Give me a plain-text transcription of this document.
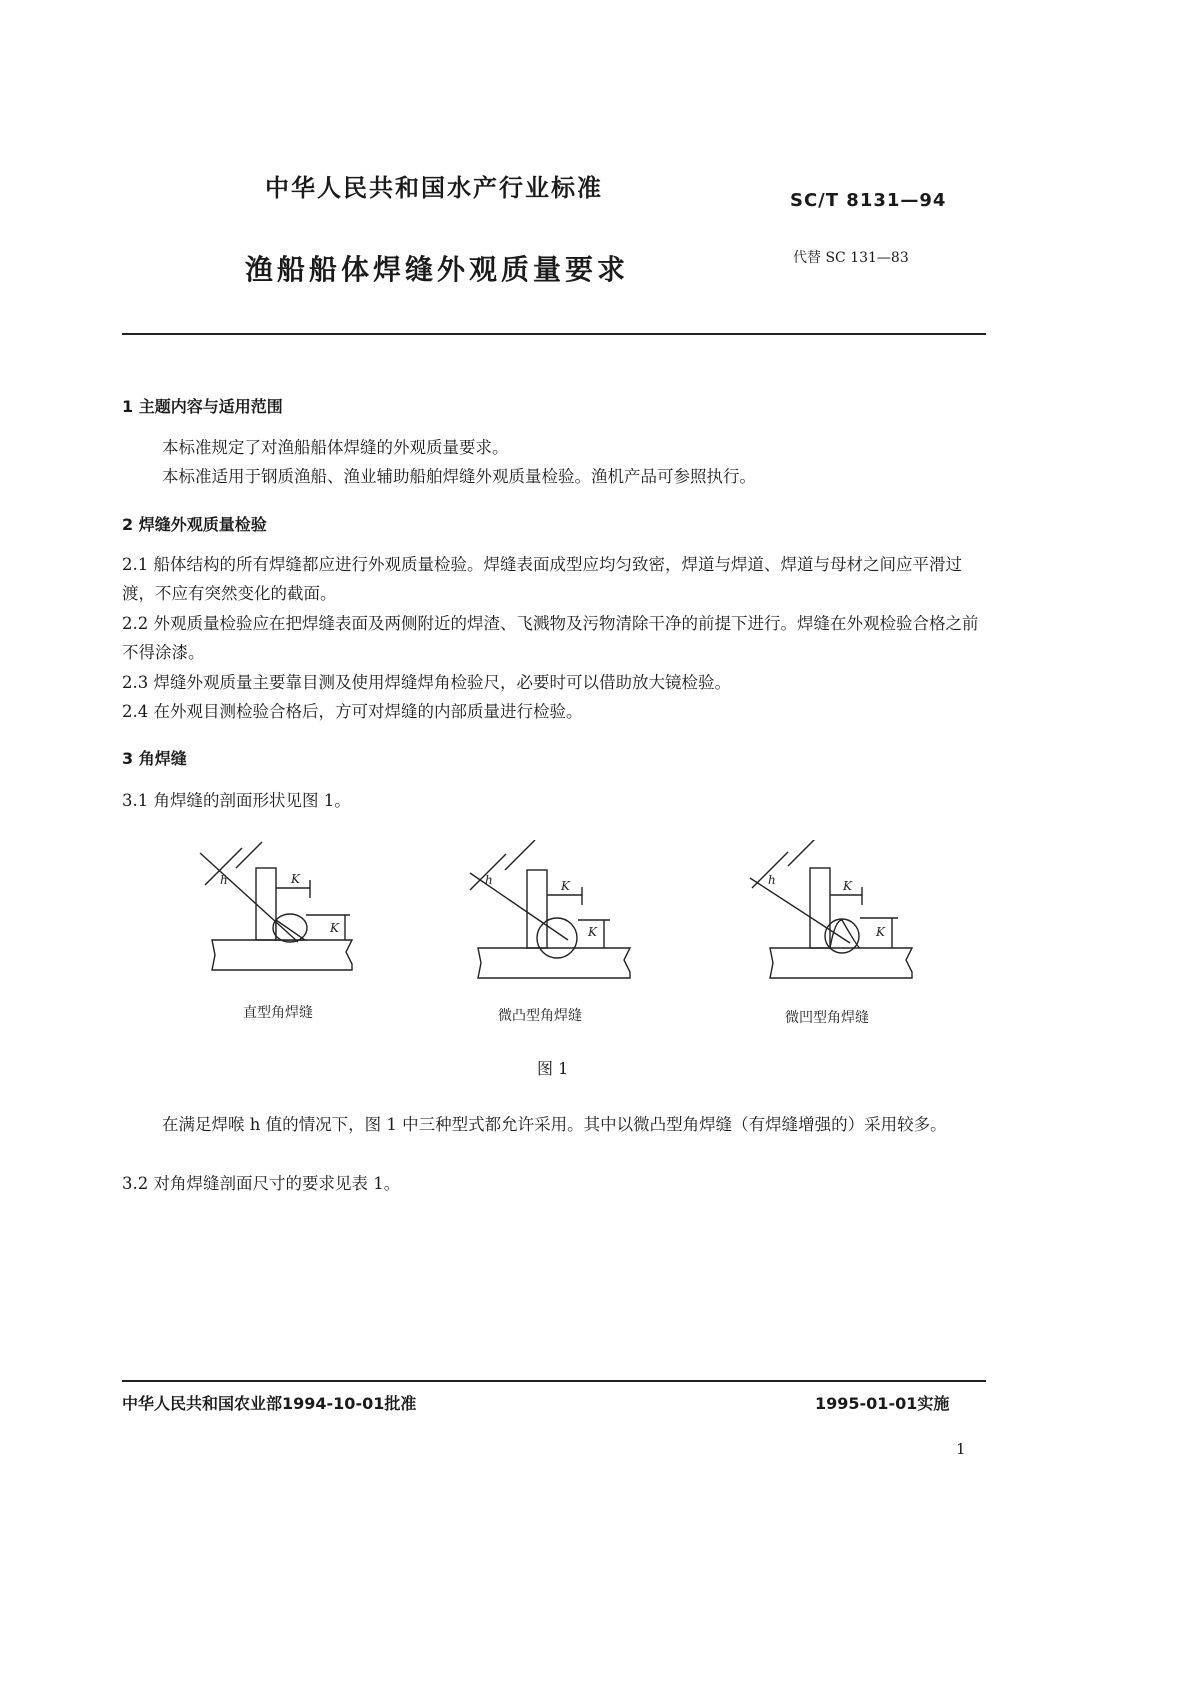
中华人民共和国水产行业标准	SC/T 8131—94
渔船船体焊缝外观质量要求	代替 SC 131—83
1 主题内容与适用范围
本标准规定了对渔船船体焊缝的外观质量要求。
本标准适用于钢质渔船、渔业辅助船舶焊缝外观质量检验。渔机产品可参照执行。
2 焊缝外观质量检验
2.1 船体结构的所有焊缝都应进行外观质量检验。焊缝表面成型应均匀致密，焊道与焊道、焊道与母材之间应平滑过渡，不应有突然变化的截面。
2.2 外观质量检验应在把焊缝表面及两侧附近的焊渣、飞溅物及污物清除干净的前提下进行。焊缝在外观检验合格之前不得涂漆。
2.3 焊缝外观质量主要靠目测及使用焊缝焊角检验尺，必要时可以借助放大镜检验。
2.4 在外观目测检验合格后，方可对焊缝的内部质量进行检验。
3 角焊缝
3.1 角焊缝的剖面形状见图 1。
h	K
K
h	K
K
h	K
K
直型角焊缝	微凸型角焊缝	微凹型角焊缝
图 1
在满足焊喉 h 值的情况下，图 1 中三种型式都允许采用。其中以微凸型角焊缝（有焊缝增强的）采用较多。
3.2 对角焊缝剖面尺寸的要求见表 1。
中华人民共和国农业部1994-10-01批准	1995-01-01实施
1
